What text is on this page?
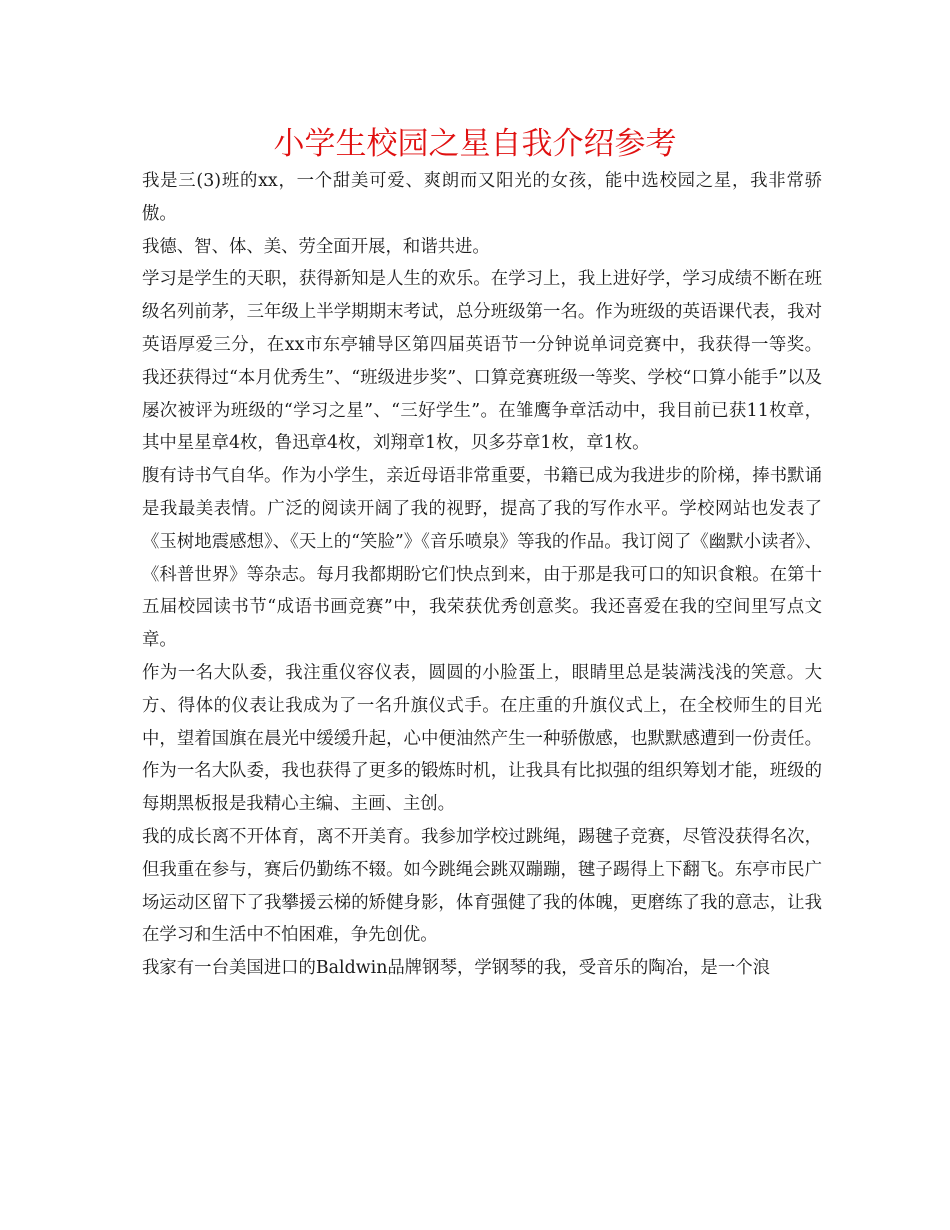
小学生校园之星自我介绍参考

我是三(3)班的xx，一个甜美可爱、爽朗而又阳光的女孩，能中选校园之星，我非常骄傲。

我德、智、体、美、劳全面开展，和谐共进。

学习是学生的天职，获得新知是人生的欢乐。在学习上，我上进好学，学习成绩不断在班级名列前茅，三年级上半学期期末考试，总分班级第一名。作为班级的英语课代表，我对英语厚爱三分，在xx市东亭辅导区第四届英语节一分钟说单词竞赛中，我获得一等奖。我还获得过“本月优秀生”、“班级进步奖”、口算竞赛班级一等奖、学校“口算小能手”以及屡次被评为班级的“学习之星”、“三好学生”。在雏鹰争章活动中，我目前已获11枚章，其中星星章4枚，鲁迅章4枚，刘翔章1枚，贝多芬章1枚，章1枚。

腹有诗书气自华。作为小学生，亲近母语非常重要，书籍已成为我进步的阶梯，捧书默诵是我最美表情。广泛的阅读开阔了我的视野，提高了我的写作水平。学校网站也发表了《玉树地震感想》、《天上的“笑脸”》《音乐喷泉》等我的作品。我订阅了《幽默小读者》、《科普世界》等杂志。每月我都期盼它们快点到来，由于那是我可口的知识食粮。在第十五届校园读书节“成语书画竞赛”中，我荣获优秀创意奖。我还喜爱在我的空间里写点文章。

作为一名大队委，我注重仪容仪表，圆圆的小脸蛋上，眼睛里总是装满浅浅的笑意。大方、得体的仪表让我成为了一名升旗仪式手。在庄重的升旗仪式上，在全校师生的目光中，望着国旗在晨光中缓缓升起，心中便油然产生一种骄傲感，也默默感遭到一份责任。作为一名大队委，我也获得了更多的锻炼时机，让我具有比拟强的组织筹划才能，班级的每期黑板报是我精心主编、主画、主创。

我的成长离不开体育，离不开美育。我参加学校过跳绳，踢毽子竞赛，尽管没获得名次，但我重在参与，赛后仍勤练不辍。如今跳绳会跳双蹦蹦，毽子踢得上下翻飞。东亭市民广场运动区留下了我攀援云梯的矫健身影，体育强健了我的体魄，更磨练了我的意志，让我在学习和生活中不怕困难，争先创优。

我家有一台美国进口的Baldwin品牌钢琴，学钢琴的我，受音乐的陶冶，是一个浪
